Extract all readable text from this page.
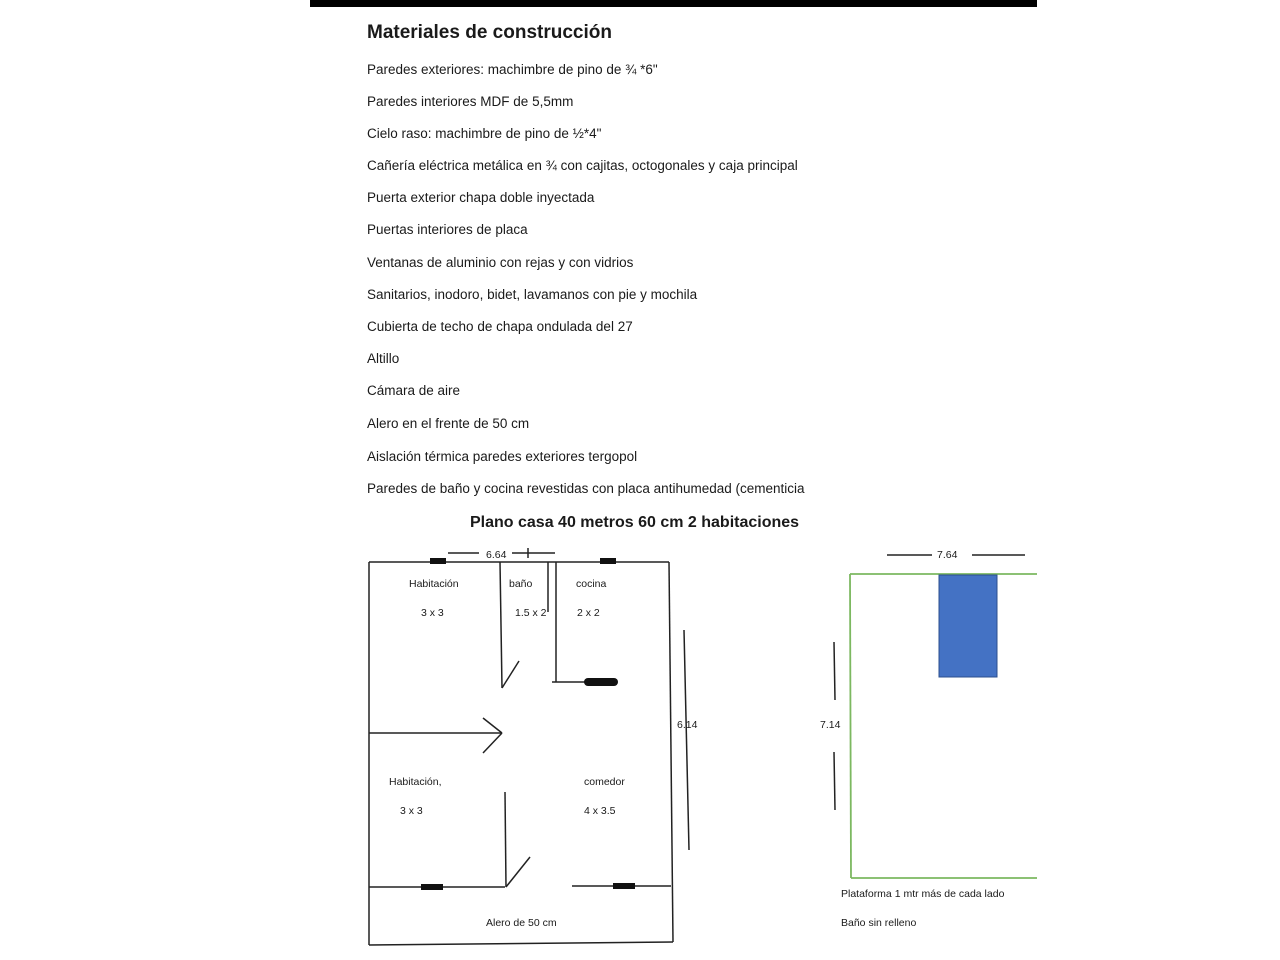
Materiales de construcción
Paredes exteriores: machimbre de pino de ¾ *6"
Paredes interiores MDF de 5,5mm
Cielo raso: machimbre de pino de ½*4"
Cañería eléctrica metálica en ¾ con cajitas, octogonales y caja principal
Puerta exterior chapa doble inyectada
Puertas interiores de placa
Ventanas de aluminio con rejas y con vidrios
Sanitarios, inodoro, bidet, lavamanos con pie y mochila
Cubierta de techo de chapa ondulada del 27
Altillo
Cámara de aire
Alero en el frente de 50 cm
Aislación térmica paredes exteriores tergopol
Paredes de baño y cocina revestidas con placa antihumedad (cementicia
Plano casa 40 metros 60 cm 2 habitaciones
6.64
6.14
Habitación
3 x 3
baño
1.5 x 2
cocina
2 x 2
Habitación,
3 x 3
comedor
4 x 3.5
Alero de 50 cm
7.64
7.14
Plataforma 1 mtr más de cada lado
Baño sin relleno
